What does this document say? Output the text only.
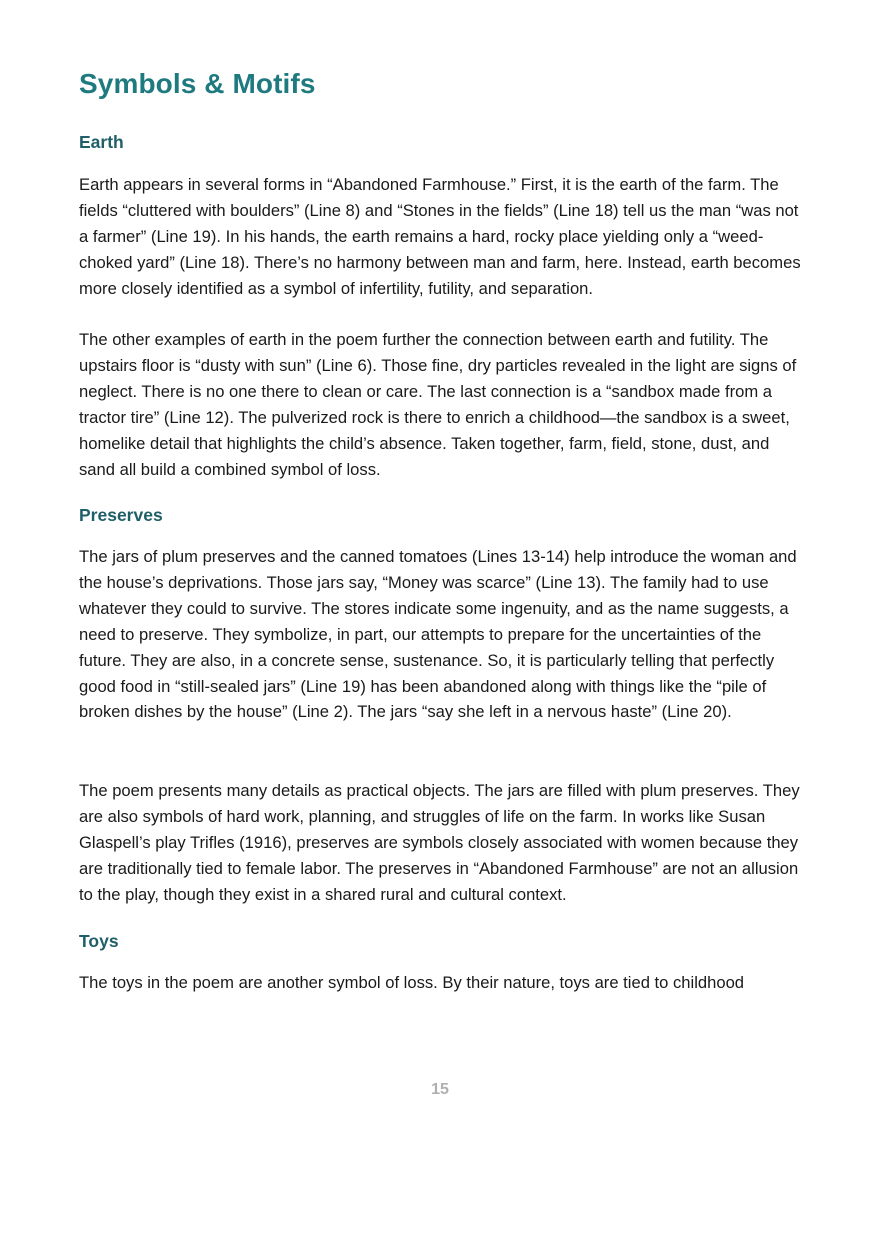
Symbols & Motifs
Earth

Earth appears in several forms in “Abandoned Farmhouse.” First, it is the earth of the farm. The fields “cluttered with boulders” (Line 8) and “Stones in the fields” (Line 18) tell us the man “was not a farmer” (Line 19). In his hands, the earth remains a hard, rocky place yielding only a “weed-choked yard” (Line 18). There’s no harmony between man and farm, here. Instead, earth becomes more closely identified as a symbol of infertility, futility, and separation.

The other examples of earth in the poem further the connection between earth and futility. The upstairs floor is “dusty with sun” (Line 6). Those fine, dry particles revealed in the light are signs of neglect. There is no one there to clean or care. The last connection is a “sandbox made from a tractor tire” (Line 12). The pulverized rock is there to enrich a childhood—the sandbox is a sweet, homelike detail that highlights the child’s absence. Taken together, farm, field, stone, dust, and sand all build a combined symbol of loss.

Preserves

The jars of plum preserves and the canned tomatoes (Lines 13-14) help introduce the woman and the house’s deprivations. Those jars say, “Money was scarce” (Line 13). The family had to use whatever they could to survive. The stores indicate some ingenuity, and as the name suggests, a need to preserve. They symbolize, in part, our attempts to prepare for the uncertainties of the future. They are also, in a concrete sense, sustenance. So, it is particularly telling that perfectly good food in “still-sealed jars” (Line 19) has been abandoned along with things like the “pile of broken dishes by the house” (Line 2). The jars “say she left in a nervous haste” (Line 20).

The poem presents many details as practical objects. The jars are filled with plum preserves. They are also symbols of hard work, planning, and struggles of life on the farm. In works like Susan Glaspell’s play Trifles (1916), preserves are symbols closely associated with women because they are traditionally tied to female labor. The preserves in “Abandoned Farmhouse” are not an allusion to the play, though they exist in a shared rural and cultural context.

Toys

The toys in the poem are another symbol of loss. By their nature, toys are tied to childhood

15
